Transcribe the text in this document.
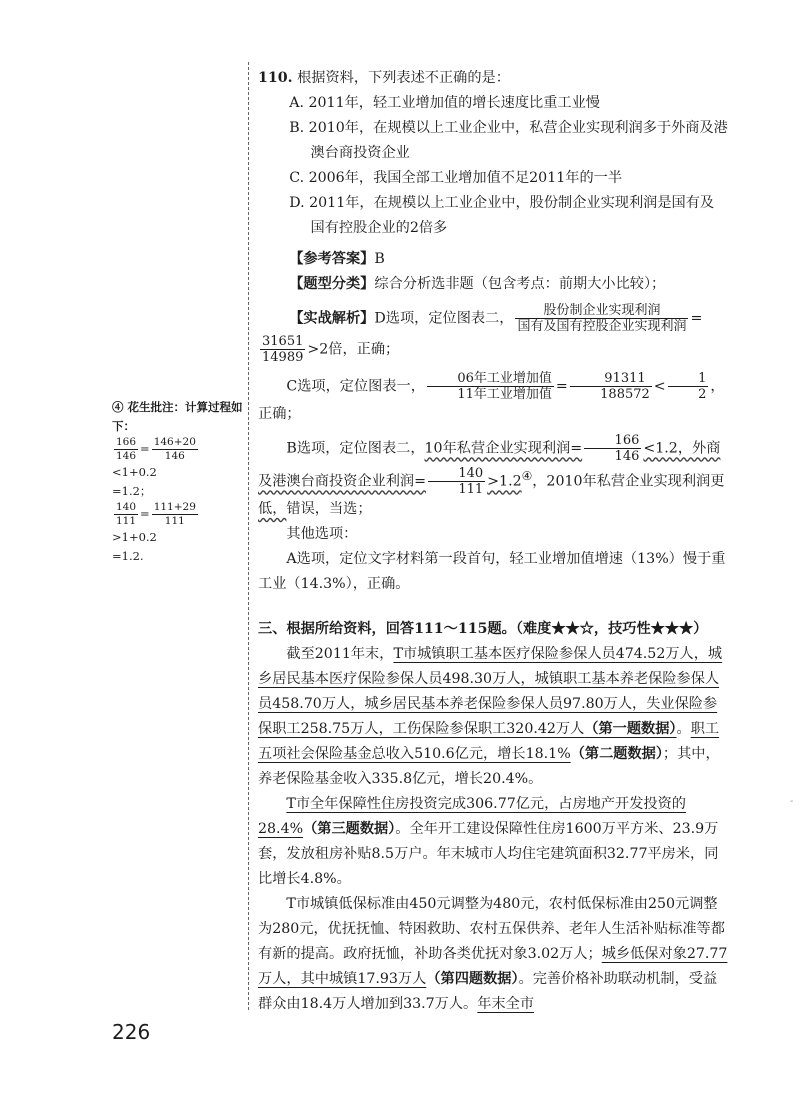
110. 根据资料，下列表述不正确的是：

A. 2011年，轻工业增加值的增长速度比重工业慢

B. 2010年，在规模以上工业企业中，私营企业实现利润多于外商及港澳台商投资企业

C. 2006年，我国全部工业增加值不足2011年的一半

D. 2011年，在规模以上工业企业中，股份制企业实现利润是国有及国有控股企业的2倍多

【参考答案】B

【题型分类】综合分析选非题（包含考点：前期大小比较）；

【实战解析】D选项，定位图表二，	股份制企业实现利润
国有及国有控股企业实现利润 =

$\frac{31651}{14989} >2$倍，正确；

C选项，定位图表一，	06年工业增加值
11年工业增加值 = $\frac{91311}{188572} < \frac{1}{2}$ ，正确；

B选项，定位图表二，10年私营企业实现利润= $\frac{166}{146} <1.2$，外商及港澳台商投资企业利润= $\frac{140}{111} >1.2^④$，2010年私营企业实现利润更低，错误，当选；

其他选项：

A选项，定位文字材料第一段首句，轻工业增加值增速（13%）慢于重工业（14.3%），正确。

三、根据所给资料，回答111～115题。（难度★★☆，技巧性★★★）

截至2011年末，T市城镇职工基本医疗保险参保人员474.52万人，城乡居民基本医疗保险参保人员498.30万人，城镇职工基本养老保险参保人员458.70万人，城乡居民基本养老保险参保人员97.80万人，失业保险参保职工258.75万人，工伤保险参保职工320.42万人（第一题数据）。职工五项社会保险基金总收入510.6亿元，增长18.1%（第二题数据）；其中，养老保险基金收入335.8亿元，增长20.4%。

T市全年保障性住房投资完成306.77亿元，占房地产开发投资的28.4%（第三题数据）。全年开工建设保障性住房1600万平方米、23.9万套，发放租房补贴8.5万户。年末城市人均住宅建筑面积32.77平房米，同比增长4.8%。

T市城镇低保标准由450元调整为480元，农村低保标准由250元调整为280元，优抚抚恤、特困救助、农村五保供养、老年人生活补贴标准等都有新的提高。政府抚恤，补助各类优抚对象3.02万人；城乡低保对象27.77万人，其中城镇17.93万人（第四题数据）。完善价格补助联动机制，受益群众由18.4万人增加到33.7万人。年末全市

④ 花生批注：计算过程如下：
$\frac{166}{146} = \frac{146+20}{146}$
<1+0.2
=1.2；
$\frac{140}{111} = \frac{111+29}{111}$
>1+0.2
=1.2.
226
-
